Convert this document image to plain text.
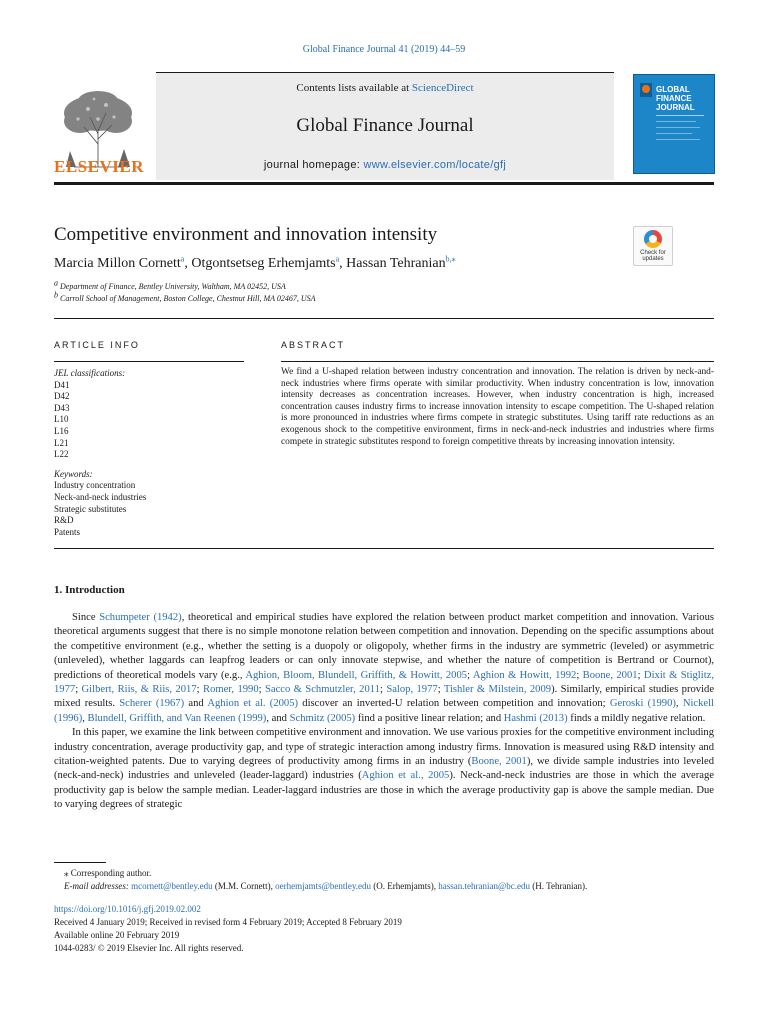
Global Finance Journal 41 (2019) 44–59
ELSEVIER
Contents lists available at ScienceDirect
Global Finance Journal
journal homepage: www.elsevier.com/locate/gfj
GLOBAL FINANCE JOURNAL
Competitive environment and innovation intensity
Check for updates
Marcia Millon Cornett$^a$, Otgontsetseg Erhemjamts$^a$, Hassan Tehranian$^{b,⁎}$
$^a$ Department of Finance, Bentley University, Waltham, MA 02452, USA
$^b$ Carroll School of Management, Boston College, Chestnut Hill, MA 02467, USA
ARTICLE INFO	ABSTRACT
JEL classifications:
D41
D42
D43
L10
L16
L21
L22
Keywords:
Industry concentration
Neck-and-neck industries
Strategic substitutes
R&D
Patents
We find a U-shaped relation between industry concentration and innovation. The relation is driven by neck-and-neck industries where firms operate with similar productivity. When industry concentration is low, innovation intensity decreases as concentration increases. However, when industry concentration is high, increased concentration causes industry firms to increase innovation intensity to escape competition. The U-shaped relation is more pronounced in industries where firms compete in strategic substitutes. Using tariff rate reductions as an exogenous shock to the competitive environment, firms in neck-and-neck industries and industries where firms compete in strategic substitutes respond to foreign competitive threats by increasing innovation intensity.
1. Introduction

Since Schumpeter (1942), theoretical and empirical studies have explored the relation between product market competition and innovation. Various theoretical arguments suggest that there is no simple monotone relation between competition and innovation. Depending on the specific assumptions about the competitive environment (e.g., whether the setting is a duopoly or oligopoly, whether firms in the industry are symmetric (leveled) or asymmetric (unleveled), whether laggards can leapfrog leaders or can only innovate stepwise, and whether the nature of competition is Bertrand or Cournot), predictions of theoretical models vary (e.g., Aghion, Bloom, Blundell, Griffith, & Howitt, 2005; Aghion & Howitt, 1992; Boone, 2001; Dixit & Stiglitz, 1977; Gilbert, Riis, & Riis, 2017; Romer, 1990; Sacco & Schmutzler, 2011; Salop, 1977; Tishler & Milstein, 2009). Similarly, empirical studies provide mixed results. Scherer (1967) and Aghion et al. (2005) discover an inverted-U relation between competition and innovation; Geroski (1990), Nickell (1996), Blundell, Griffith, and Van Reenen (1999), and Schmitz (2005) find a positive linear relation; and Hashmi (2013) finds a mildly negative relation.

In this paper, we examine the link between competitive environment and innovation. We use various proxies for the competitive environment including industry concentration, average productivity gap, and type of strategic interaction among industry firms. Innovation is measured using R&D intensity and citation-weighted patents. Due to varying degrees of productivity among firms in an industry (Boone, 2001), we divide sample industries into leveled (neck-and-neck) industries and unleveled (leader-laggard) industries (Aghion et al., 2005). Neck-and-neck industries are those in which the average productivity gap is below the sample median. Leader-laggard industries are those in which the average productivity gap is above the sample median. Due to varying degrees of strategic

⁎ Corresponding author.
E-mail addresses: mcornett@bentley.edu (M.M. Cornett), oerhemjamts@bentley.edu (O. Erhemjamts), hassan.tehranian@bc.edu (H. Tehranian).
https://doi.org/10.1016/j.gfj.2019.02.002
Received 4 January 2019; Received in revised form 4 February 2019; Accepted 8 February 2019
Available online 20 February 2019
1044-0283/ © 2019 Elsevier Inc. All rights reserved.
